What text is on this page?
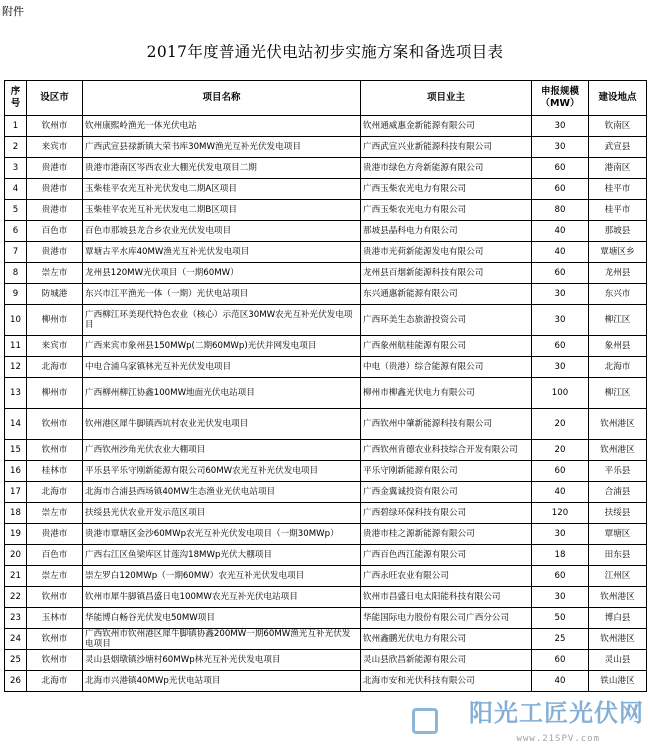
附件
2017年度普通光伏电站初步实施方案和备选项目表
序号	设区市	项目名称	项目业主	申报规模（MW）	建设地点
1	钦州市	钦州康熙岭渔光一体光伏电站	钦州通威惠金新能源有限公司	30	钦南区
2	来宾市	广西武宣县禄新镇大荣书库30MW渔光互补光伏发电项目	广西武宣兴业新能源科技有限公司	30	武宣县
3	贵港市	贵港市港南区岑西农业大棚光伏发电项目二期	贵港市绿色方舟新能源有限公司	60	港南区
4	贵港市	玉柴桂平农光互补光伏发电二期A区项目	广西玉柴农光电力有限公司	60	桂平市
5	贵港市	玉柴桂平农光互补光伏发电二期B区项目	广西玉柴农光电力有限公司	80	桂平市
6	百色市	百色市那坡县龙合乡农业光伏发电项目	那坡县晶科电力有限公司	40	那坡县
7	贵港市	覃塘古平水库40MW渔光互补光伏发电项目	贵港市光荷新能源发电有限公司	40	覃塘区乡
8	崇左市	龙州县120MW光伏项目（一期60MW）	龙州县百烟新能源科技有限公司	60	龙州县
9	防城港	东兴市江平渔光一体（一期）光伏电站项目	东兴通惠新能源有限公司	30	东兴市
10	柳州市	广西柳江环美现代特色农业（核心）示范区30MW农光互补光伏发电项目	广西环美生态旅游投资公司	30	柳江区
11	来宾市	广西来宾市象州县150MWp(二期60MWp)光伏并网发电项目	广西象州航桂能源有限公司	60	象州县
12	北海市	中电合浦乌家镇林光互补光伏发电项目	中电（贵港）综合能源有限公司	30	北海市
13	柳州市	广西柳州柳江协鑫100MW地面光伏电站项目	柳州市柳鑫光伏电力有限公司	100	柳江区
14	钦州市	钦州港区犀牛脚镇西坑村农业光伏发电项目	广西钦州中肇新能源科技有限公司	20	钦州港区
15	钦州市	广西钦州沙角光伏农业大棚项目	广西钦州肯德农业科技综合开发有限公司	20	钦州港区
16	桂林市	平乐县平乐守刚新能源有限公司60MW农光互补光伏发电项目	平乐守刚新能源有限公司	60	平乐县
17	北海市	北海市合浦县西场镇40MW生态渔业光伏电站项目	广西金翼诚投资有限公司	40	合浦县
18	崇左市	扶绥县光伏农业开发示范区项目	广西碧绿环保科技有限公司	120	扶绥县
19	贵港市	贵港市覃塘区金沙60MWp农光互补光伏发电项目（一期30MWp）	贵港市桂之源新能源有限公司	30	覃塘区
20	百色市	广西右江区鱼梁库区甘莲沟18MWp光伏大棚项目	广西百色西江能源有限公司	18	田东县
21	崇左市	崇左罗白120MWp（一期60MW）农光互补光伏发电项目	广西永旺农业有限公司	60	江州区
22	钦州市	钦州市犀牛脚镇昌盛日电100MW农光互补光伏电站项目	钦州市昌盛日电太阳能科技有限公司	30	钦州港区
23	玉林市	华能博白畅谷光伏发电50MW项目	华能国际电力股份有限公司广西分公司	50	博白县
24	钦州市	广西钦州市钦州港区犀牛脚镇协鑫200MW一期60MW渔光互补光伏发电项目	钦州鑫鹏光伏电力有限公司	25	钦州港区
25	钦州市	灵山县烟墩镇沙塘村60MWp林光互补光伏发电项目	灵山县欣昌新能源有限公司	60	灵山县
26	北海市	北海市兴港镇40MWp光伏电站项目	北海市安和光伏科技有限公司	40	铁山港区
阳光工匠光伏网
www.21SPV.com
